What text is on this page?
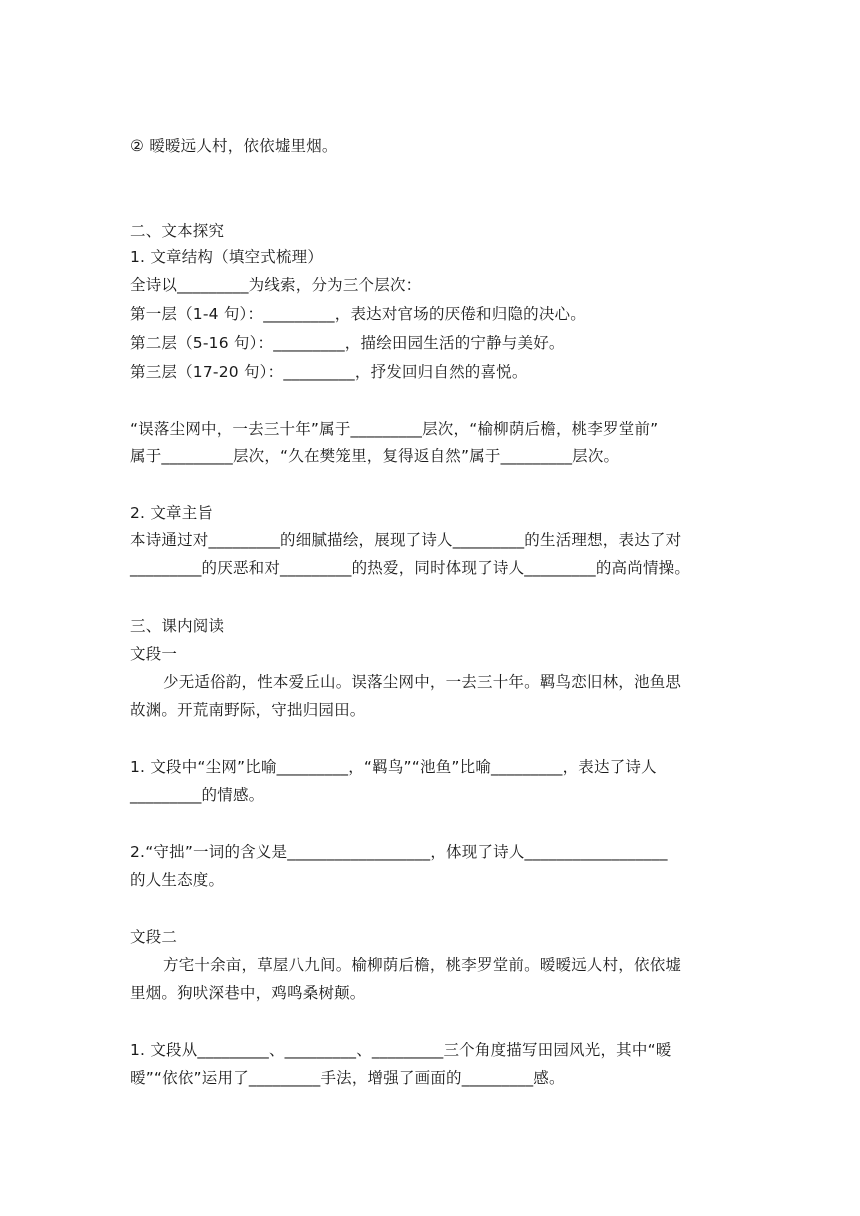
② 暧暧远人村，依依墟里烟。
二、文本探究
1. 文章结构（填空式梳理）
全诗以_________为线索，分为三个层次：
第一层（1-4 句）：_________，表达对官场的厌倦和归隐的决心。
第二层（5-16 句）：_________，描绘田园生活的宁静与美好。
第三层（17-20 句）：_________，抒发回归自然的喜悦。
“误落尘网中，一去三十年”属于_________层次，“榆柳荫后檐，桃李罗堂前”
属于_________层次，“久在樊笼里，复得返自然”属于_________层次。
2. 文章主旨
本诗通过对_________的细腻描绘，展现了诗人_________的生活理想，表达了对
_________的厌恶和对_________的热爱，同时体现了诗人_________的高尚情操。
三、课内阅读
文段一
少无适俗韵，性本爱丘山。误落尘网中，一去三十年。羁鸟恋旧林，池鱼思
故渊。开荒南野际，守拙归园田。
1. 文段中“尘网”比喻_________，“羁鸟”“池鱼”比喻_________，表达了诗人
_________的情感。
2.“守拙”一词的含义是__________________，体现了诗人__________________
的人生态度。
文段二
方宅十余亩，草屋八九间。榆柳荫后檐，桃李罗堂前。暧暧远人村，依依墟
里烟。狗吠深巷中，鸡鸣桑树颠。
1. 文段从_________、_________、_________三个角度描写田园风光，其中“暧
暧”“依依”运用了_________手法，增强了画面的_________感。
